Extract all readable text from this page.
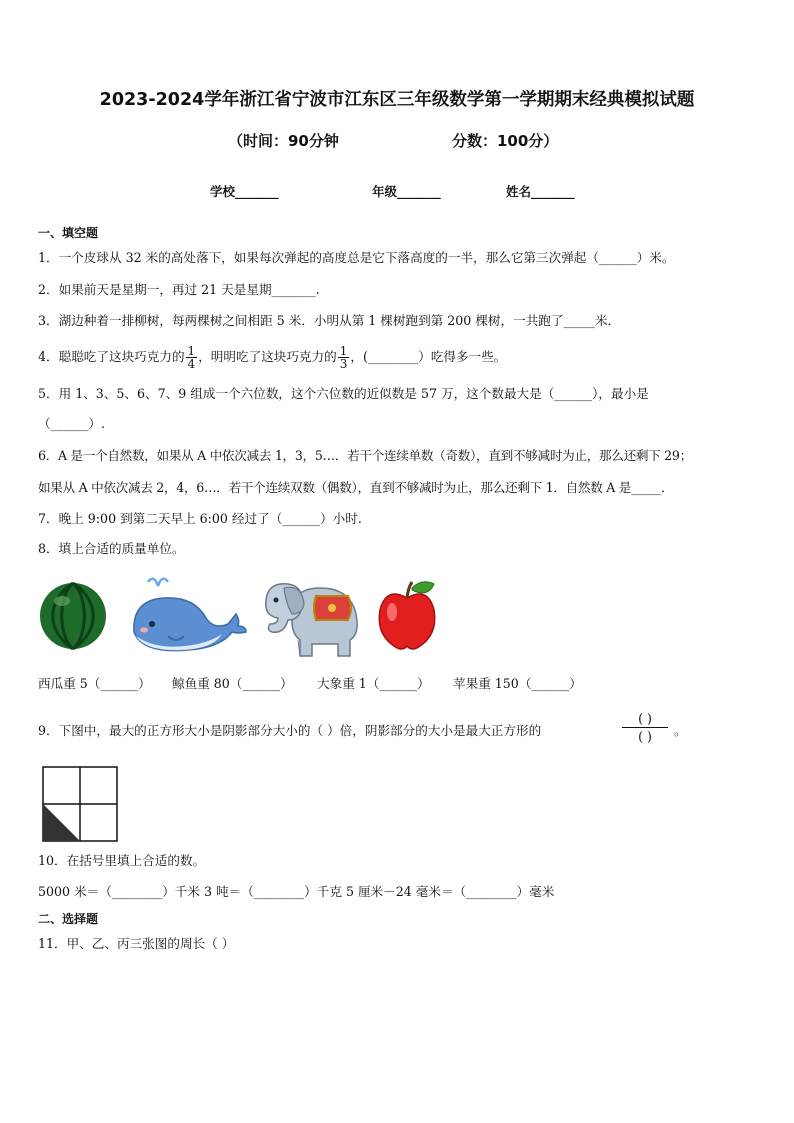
2023-2024学年浙江省宁波市江东区三年级数学第一学期期末经典模拟试题
（时间：90分钟	分数：100分）
学校_______	年级_______	姓名_______
一、填空题
1．一个皮球从 32 米的高处落下，如果每次弹起的高度总是它下落高度的一半，那么它第三次弹起（______）米。
2．如果前天是星期一，再过 21 天是星期_______.
3．湖边种着一排柳树，每两棵树之间相距 5 米．小明从第 1 棵树跑到第 200 棵树，一共跑了_____米．
4．聪聪吃了这块巧克力的 $\frac{1}{4}$ ，明明吃了这块巧克力的 $\frac{1}{3}$ ，(________）吃得多一些。
5．用 1、3、5、6、7、9 组成一个六位数，这个六位数的近似数是 57 万，这个数最大是（______），最小是
（______）.
6．A 是一个自然数，如果从 A 中依次减去 1，3，5…．若干个连续单数（奇数），直到不够减时为止，那么还剩下 29；
如果从 A 中依次减去 2，4，6…．若干个连续双数（偶数），直到不够减时为止，那么还剩下 1．自然数 A 是_____．
7．晚上 9:00 到第二天早上 6:00 经过了（______）小时.
8．填上合适的质量单位。
西瓜重 5（______） 鲸鱼重 80（______） 大象重 1（______） 苹果重 150（______）
9．下图中，最大的正方形大小是阴影部分大小的（ ）倍，阴影部分的大小是最大正方形的
( )
( )	。
10．在括号里填上合适的数。
5000 米＝（________）千米 3 吨＝（________）千克 5 厘米－24 毫米＝（________）毫米
二、选择题
11．甲、乙、丙三张图的周长（ ）
